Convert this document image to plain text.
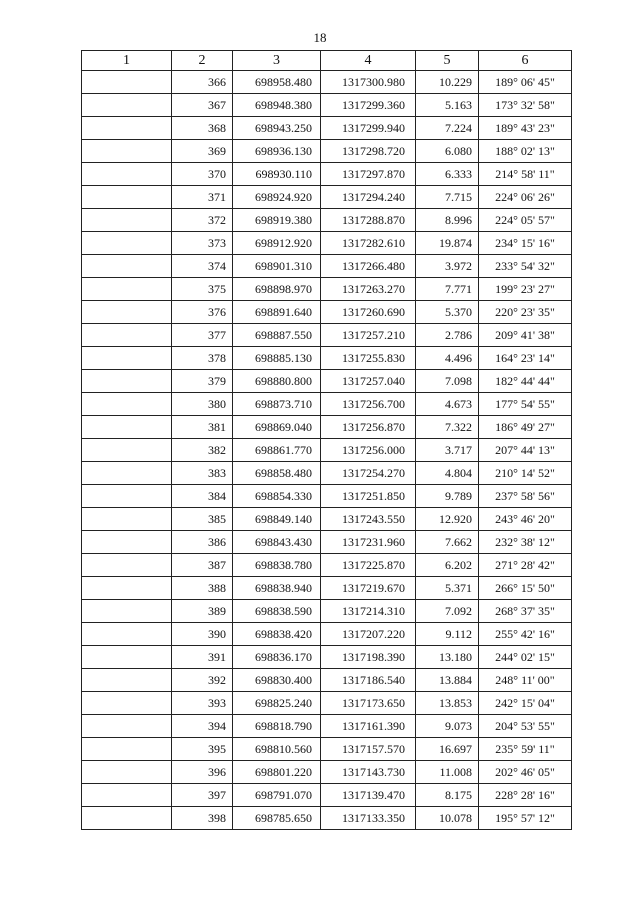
18
1	2	3	4	5	6
	366	698958.480	1317300.980	10.229	189° 06' 45"
	367	698948.380	1317299.360	5.163	173° 32' 58"
	368	698943.250	1317299.940	7.224	189° 43' 23"
	369	698936.130	1317298.720	6.080	188° 02' 13"
	370	698930.110	1317297.870	6.333	214° 58' 11"
	371	698924.920	1317294.240	7.715	224° 06' 26"
	372	698919.380	1317288.870	8.996	224° 05' 57"
	373	698912.920	1317282.610	19.874	234° 15' 16"
	374	698901.310	1317266.480	3.972	233° 54' 32"
	375	698898.970	1317263.270	7.771	199° 23' 27"
	376	698891.640	1317260.690	5.370	220° 23' 35"
	377	698887.550	1317257.210	2.786	209° 41' 38"
	378	698885.130	1317255.830	4.496	164° 23' 14"
	379	698880.800	1317257.040	7.098	182° 44' 44"
	380	698873.710	1317256.700	4.673	177° 54' 55"
	381	698869.040	1317256.870	7.322	186° 49' 27"
	382	698861.770	1317256.000	3.717	207° 44' 13"
	383	698858.480	1317254.270	4.804	210° 14' 52"
	384	698854.330	1317251.850	9.789	237° 58' 56"
	385	698849.140	1317243.550	12.920	243° 46' 20"
	386	698843.430	1317231.960	7.662	232° 38' 12"
	387	698838.780	1317225.870	6.202	271° 28' 42"
	388	698838.940	1317219.670	5.371	266° 15' 50"
	389	698838.590	1317214.310	7.092	268° 37' 35"
	390	698838.420	1317207.220	9.112	255° 42' 16"
	391	698836.170	1317198.390	13.180	244° 02' 15"
	392	698830.400	1317186.540	13.884	248° 11' 00"
	393	698825.240	1317173.650	13.853	242° 15' 04"
	394	698818.790	1317161.390	9.073	204° 53' 55"
	395	698810.560	1317157.570	16.697	235° 59' 11"
	396	698801.220	1317143.730	11.008	202° 46' 05"
	397	698791.070	1317139.470	8.175	228° 28' 16"
	398	698785.650	1317133.350	10.078	195° 57' 12"
